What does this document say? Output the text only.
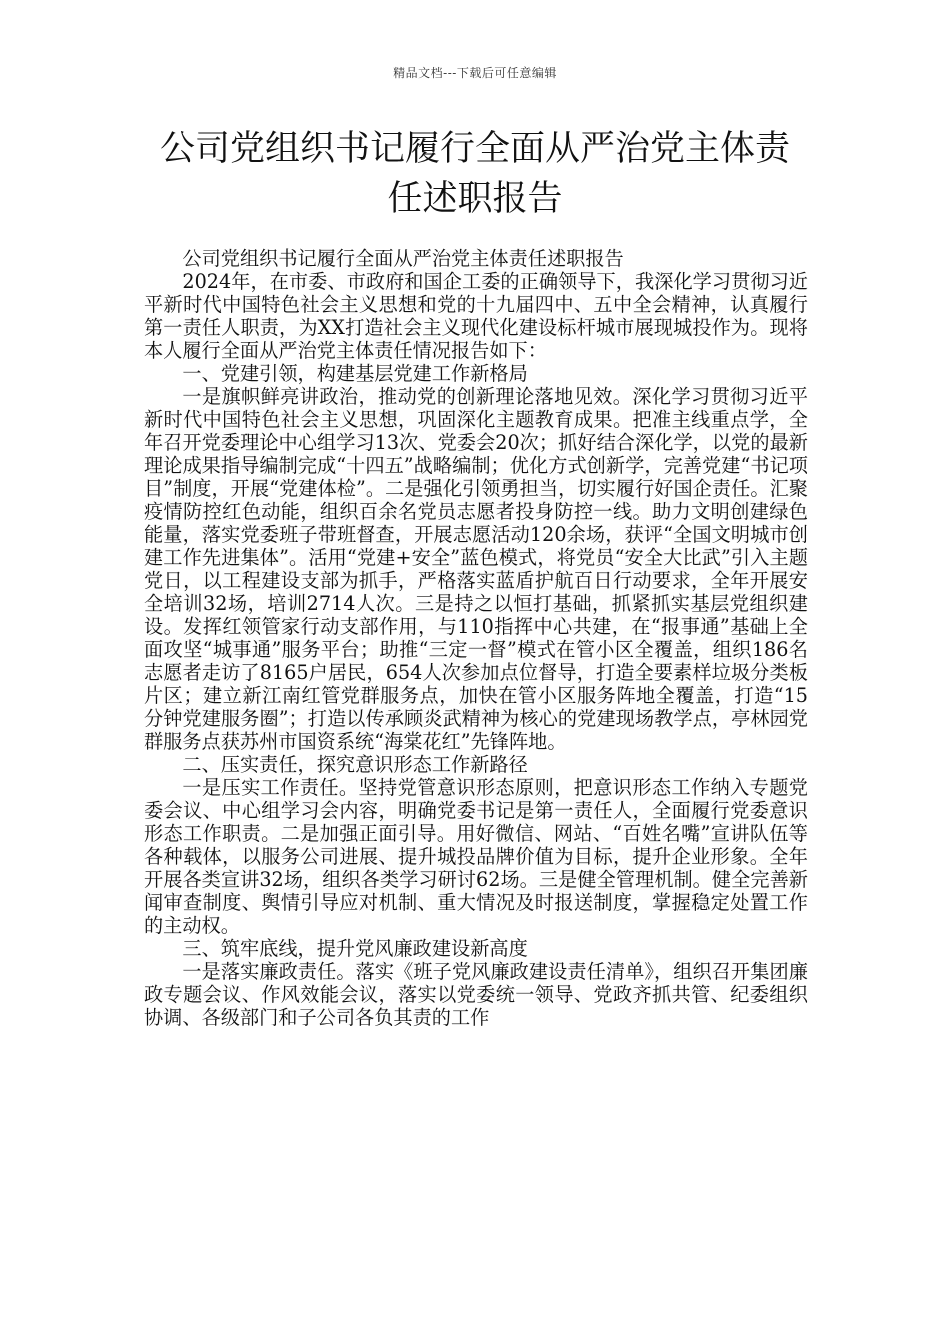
精品文档---下载后可任意编辑
公司党组织书记履行全面从严治党主体责任述职报告

公司党组织书记履行全面从严治党主体责任述职报告

2024年，在市委、市政府和国企工委的正确领导下，我深化学习贯彻习近平新时代中国特色社会主义思想和党的十九届四中、五中全会精神，认真履行第一责任人职责，为XX打造社会主义现代化建设标杆城市展现城投作为。现将本人履行全面从严治党主体责任情况报告如下：

一、党建引领，构建基层党建工作新格局

一是旗帜鲜亮讲政治，推动党的创新理论落地见效。深化学习贯彻习近平新时代中国特色社会主义思想，巩固深化主题教育成果。把准主线重点学，全年召开党委理论中心组学习13次、党委会20次；抓好结合深化学，以党的最新理论成果指导编制完成“十四五”战略编制；优化方式创新学，完善党建“书记项目”制度，开展“党建体检”。二是强化引领勇担当，切实履行好国企责任。汇聚疫情防控红色动能，组织百余名党员志愿者投身防控一线。助力文明创建绿色能量，落实党委班子带班督查，开展志愿活动120余场，获评“全国文明城市创建工作先进集体”。活用“党建+安全”蓝色模式，将党员“安全大比武”引入主题党日，以工程建设支部为抓手，严格落实蓝盾护航百日行动要求，全年开展安全培训32场，培训2714人次。三是持之以恒打基础，抓紧抓实基层党组织建设。发挥红领管家行动支部作用，与110指挥中心共建，在“报事通”基础上全面攻坚“城事通”服务平台；助推“三定一督”模式在管小区全覆盖，组织186名志愿者走访了8165户居民，654人次参加点位督导，打造全要素样垃圾分类板片区；建立新江南红管党群服务点，加快在管小区服务阵地全覆盖，打造“15分钟党建服务圈”；打造以传承顾炎武精神为核心的党建现场教学点，亭林园党群服务点获苏州市国资系统“海棠花红”先锋阵地。

二、压实责任，探究意识形态工作新路径

一是压实工作责任。坚持党管意识形态原则，把意识形态工作纳入专题党委会议、中心组学习会内容，明确党委书记是第一责任人，全面履行党委意识形态工作职责。二是加强正面引导。用好微信、网站、“百姓名嘴”宣讲队伍等各种载体，以服务公司进展、提升城投品牌价值为目标，提升企业形象。全年开展各类宣讲32场，组织各类学习研讨62场。三是健全管理机制。健全完善新闻审查制度、舆情引导应对机制、重大情况及时报送制度，掌握稳定处置工作的主动权。

三、筑牢底线，提升党风廉政建设新高度

一是落实廉政责任。落实《班子党风廉政建设责任清单》，组织召开集团廉政专题会议、作风效能会议，落实以党委统一领导、党政齐抓共管、纪委组织协调、各级部门和子公司各负其责的工作
